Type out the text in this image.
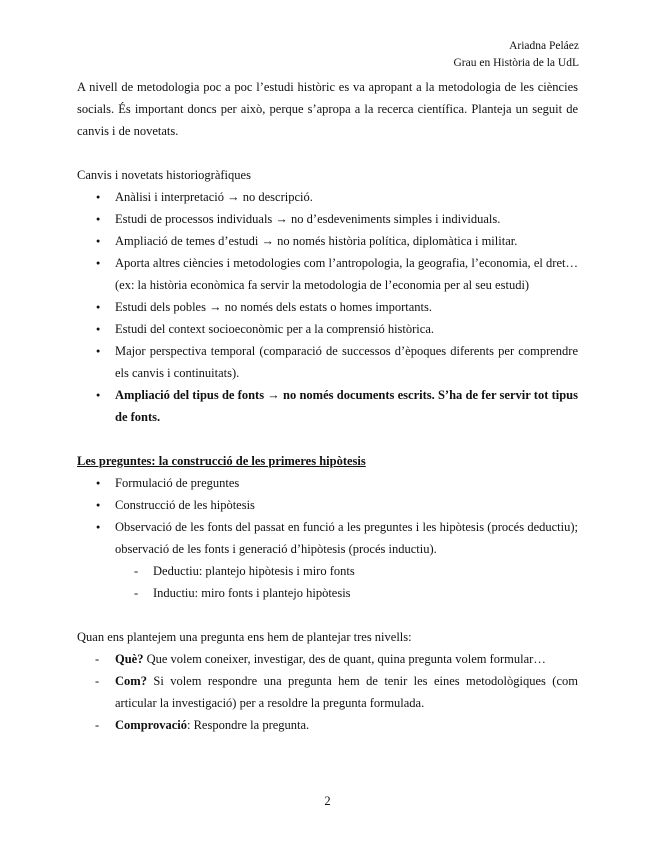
Ariadna Peláez
Grau en Història de la UdL

A nivell de metodologia poc a poc l’estudi històric es va apropant a la metodologia de les ciències socials. És important doncs per això, perque s’apropa a la recerca científica. Planteja un seguit de canvis i de novetats.

Canvis i novetats historiogràfiques

● Anàlisi i interpretació → no descripció.
● Estudi de processos individuals → no d’esdeveniments simples i individuals.
● Ampliació de temes d’estudi → no només història política, diplomàtica i militar.
● Aporta altres ciències i metodologies com l’antropologia, la geografia, l’economia, el dret… (ex: la història econòmica fa servir la metodologia de l’economia per al seu estudi)
● Estudi dels pobles → no només dels estats o homes importants.
● Estudi del context socioeconòmic per a la comprensió històrica.
● Major perspectiva temporal (comparació de successos d’èpoques diferents per comprendre els canvis i continuitats).
● Ampliació del tipus de fonts → no només documents escrits. S’ha de fer servir tot tipus de fonts.

Les preguntes: la construcció de les primeres hipòtesis

● Formulació de preguntes
● Construcció de les hipòtesis
● Observació de les fonts del passat en funció a les preguntes i les hipòtesis (procés deductiu); observació de les fonts i generació d’hipòtesis (procés inductiu).
- Deductiu: plantejo hipòtesis i miro fonts
- Inductiu: miro fonts i plantejo hipòtesis

Quan ens plantejem una pregunta ens hem de plantejar tres nivells:

- Què? Que volem coneixer, investigar, des de quant, quina pregunta volem formular…
- Com? Si volem respondre una pregunta hem de tenir les eines metodològiques (com articular la investigació) per a resoldre la pregunta formulada.
- Comprovació: Respondre la pregunta.
2
